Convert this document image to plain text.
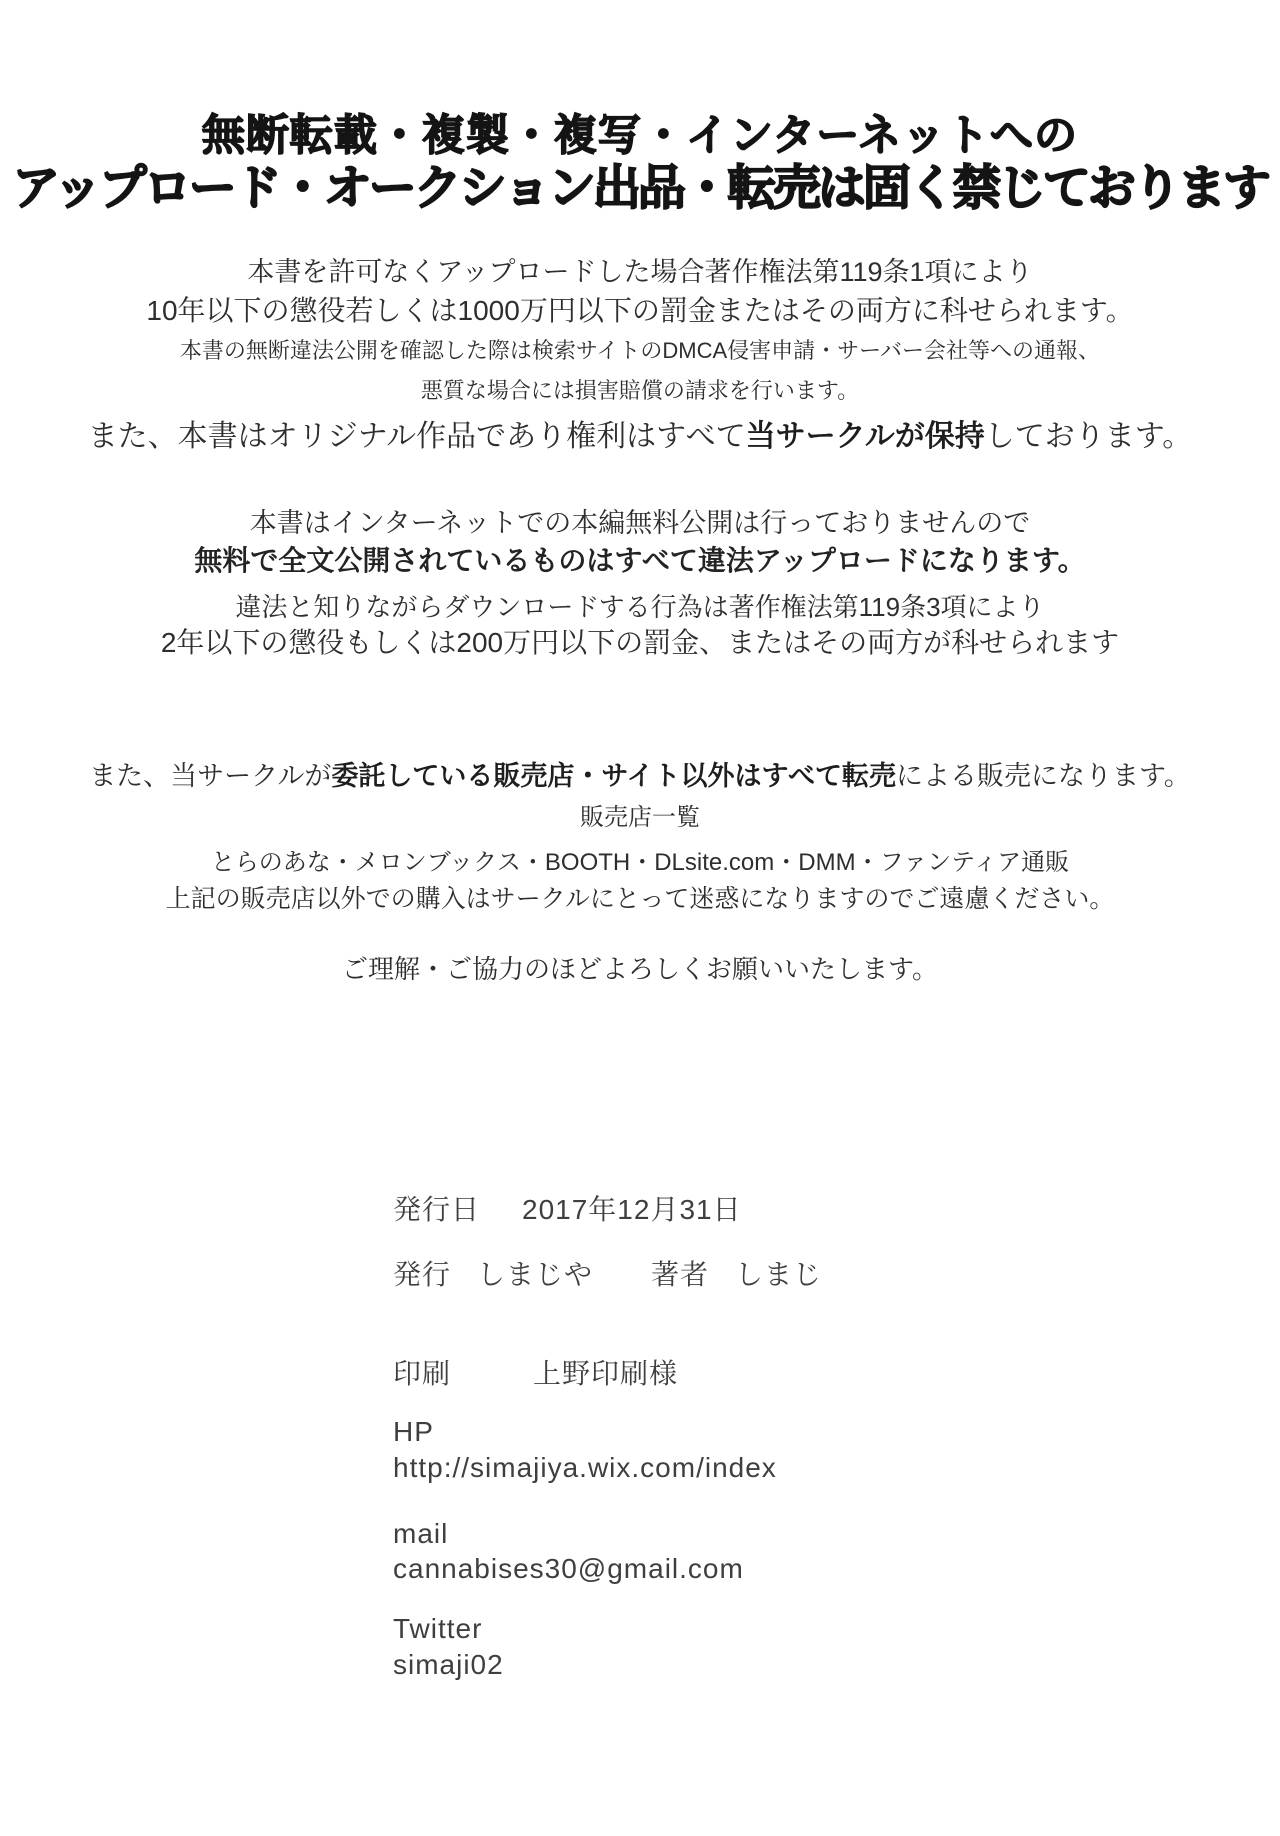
無断転載・複製・複写・インターネットへの
アップロード・オークション出品・転売は固く禁じております
本書を許可なくアップロードした場合著作権法第119条1項により
10年以下の懲役若しくは1000万円以下の罰金またはその両方に科せられます。
本書の無断違法公開を確認した際は検索サイトのDMCA侵害申請・サーバー会社等への通報、
悪質な場合には損害賠償の請求を行います。
また、本書はオリジナル作品であり権利はすべて当サークルが保持しております。
本書はインターネットでの本編無料公開は行っておりませんので
無料で全文公開されているものはすべて違法アップロードになります。
違法と知りながらダウンロードする行為は著作権法第119条3項により
2年以下の懲役もしくは200万円以下の罰金、またはその両方が科せられます
また、当サークルが委託している販売店・サイト以外はすべて転売による販売になります。
販売店一覧
とらのあな・メロンブックス・BOOTH・DLsite.com・DMM・ファンティア通販
上記の販売店以外での購入はサークルにとって迷惑になりますのでご遠慮ください。
ご理解・ご協力のほどよろしくお願いいたします。
発行日 2017年12月31日
発行 しまじや 著者 しまじ
印刷	上野印刷様
HP
http://simajiya.wix.com/index
mail
cannabises30@gmail.com
Twitter
simaji02
